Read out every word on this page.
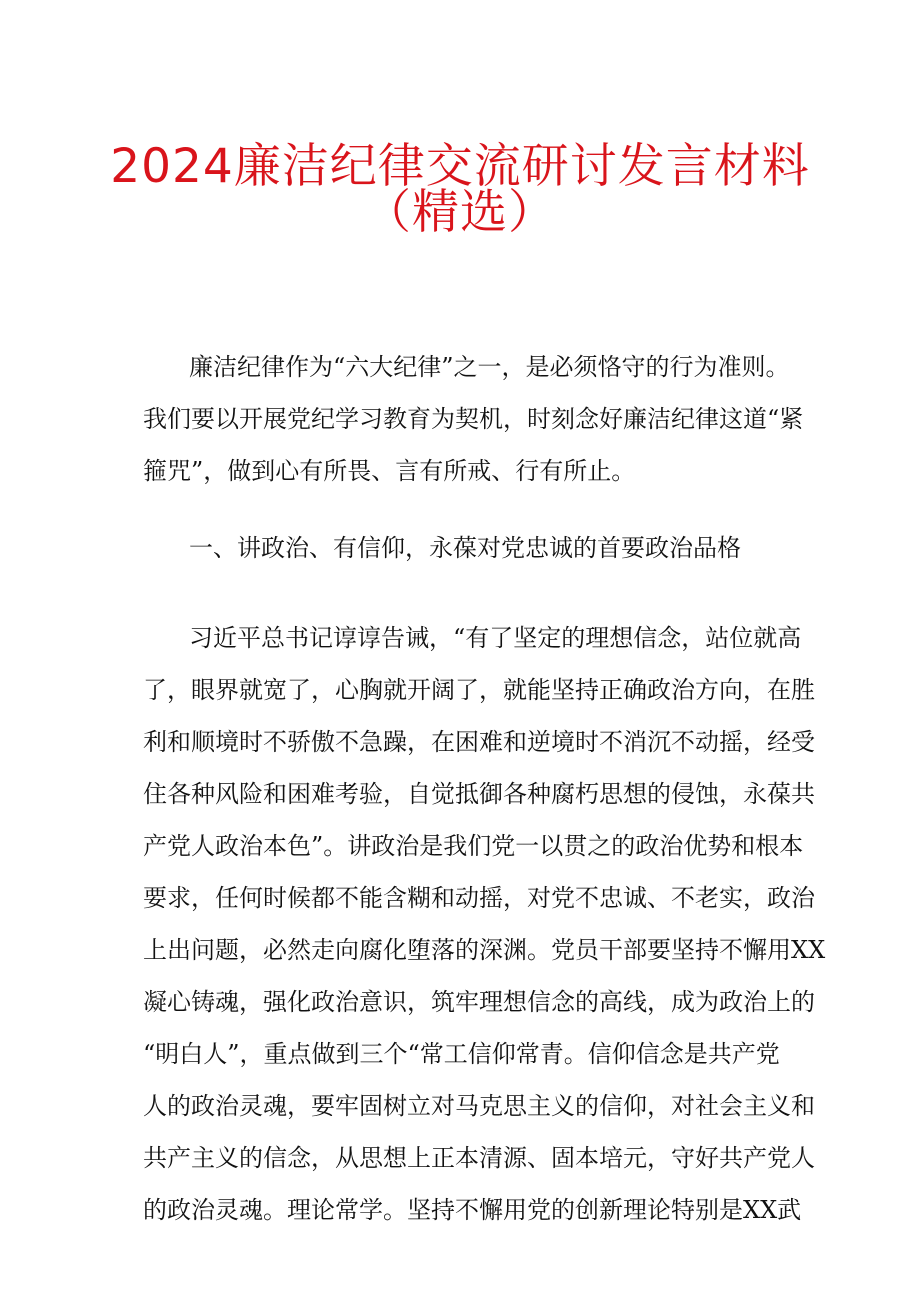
2024廉洁纪律交流研讨发言材料
（精选）
廉洁纪律作为“六大纪律”之一，是必须恪守的行为准则。
我们要以开展党纪学习教育为契机，时刻念好廉洁纪律这道“紧
箍咒”，做到心有所畏、言有所戒、行有所止。
一、讲政治、有信仰，永葆对党忠诚的首要政治品格
习近平总书记谆谆告诫，“有了坚定的理想信念，站位就高
了，眼界就宽了，心胸就开阔了，就能坚持正确政治方向，在胜
利和顺境时不骄傲不急躁，在困难和逆境时不消沉不动摇，经受
住各种风险和困难考验，自觉抵御各种腐朽思想的侵蚀，永葆共
产党人政治本色”。讲政治是我们党一以贯之的政治优势和根本
要求，任何时候都不能含糊和动摇，对党不忠诚、不老实，政治
上出问题，必然走向腐化堕落的深渊。党员干部要坚持不懈用XX
凝心铸魂，强化政治意识，筑牢理想信念的高线，成为政治上的
“明白人”，重点做到三个“常工信仰常青。信仰信念是共产党
人的政治灵魂，要牢固树立对马克思主义的信仰，对社会主义和
共产主义的信念，从思想上正本清源、固本培元，守好共产党人
的政治灵魂。理论常学。坚持不懈用党的创新理论特别是XX武
